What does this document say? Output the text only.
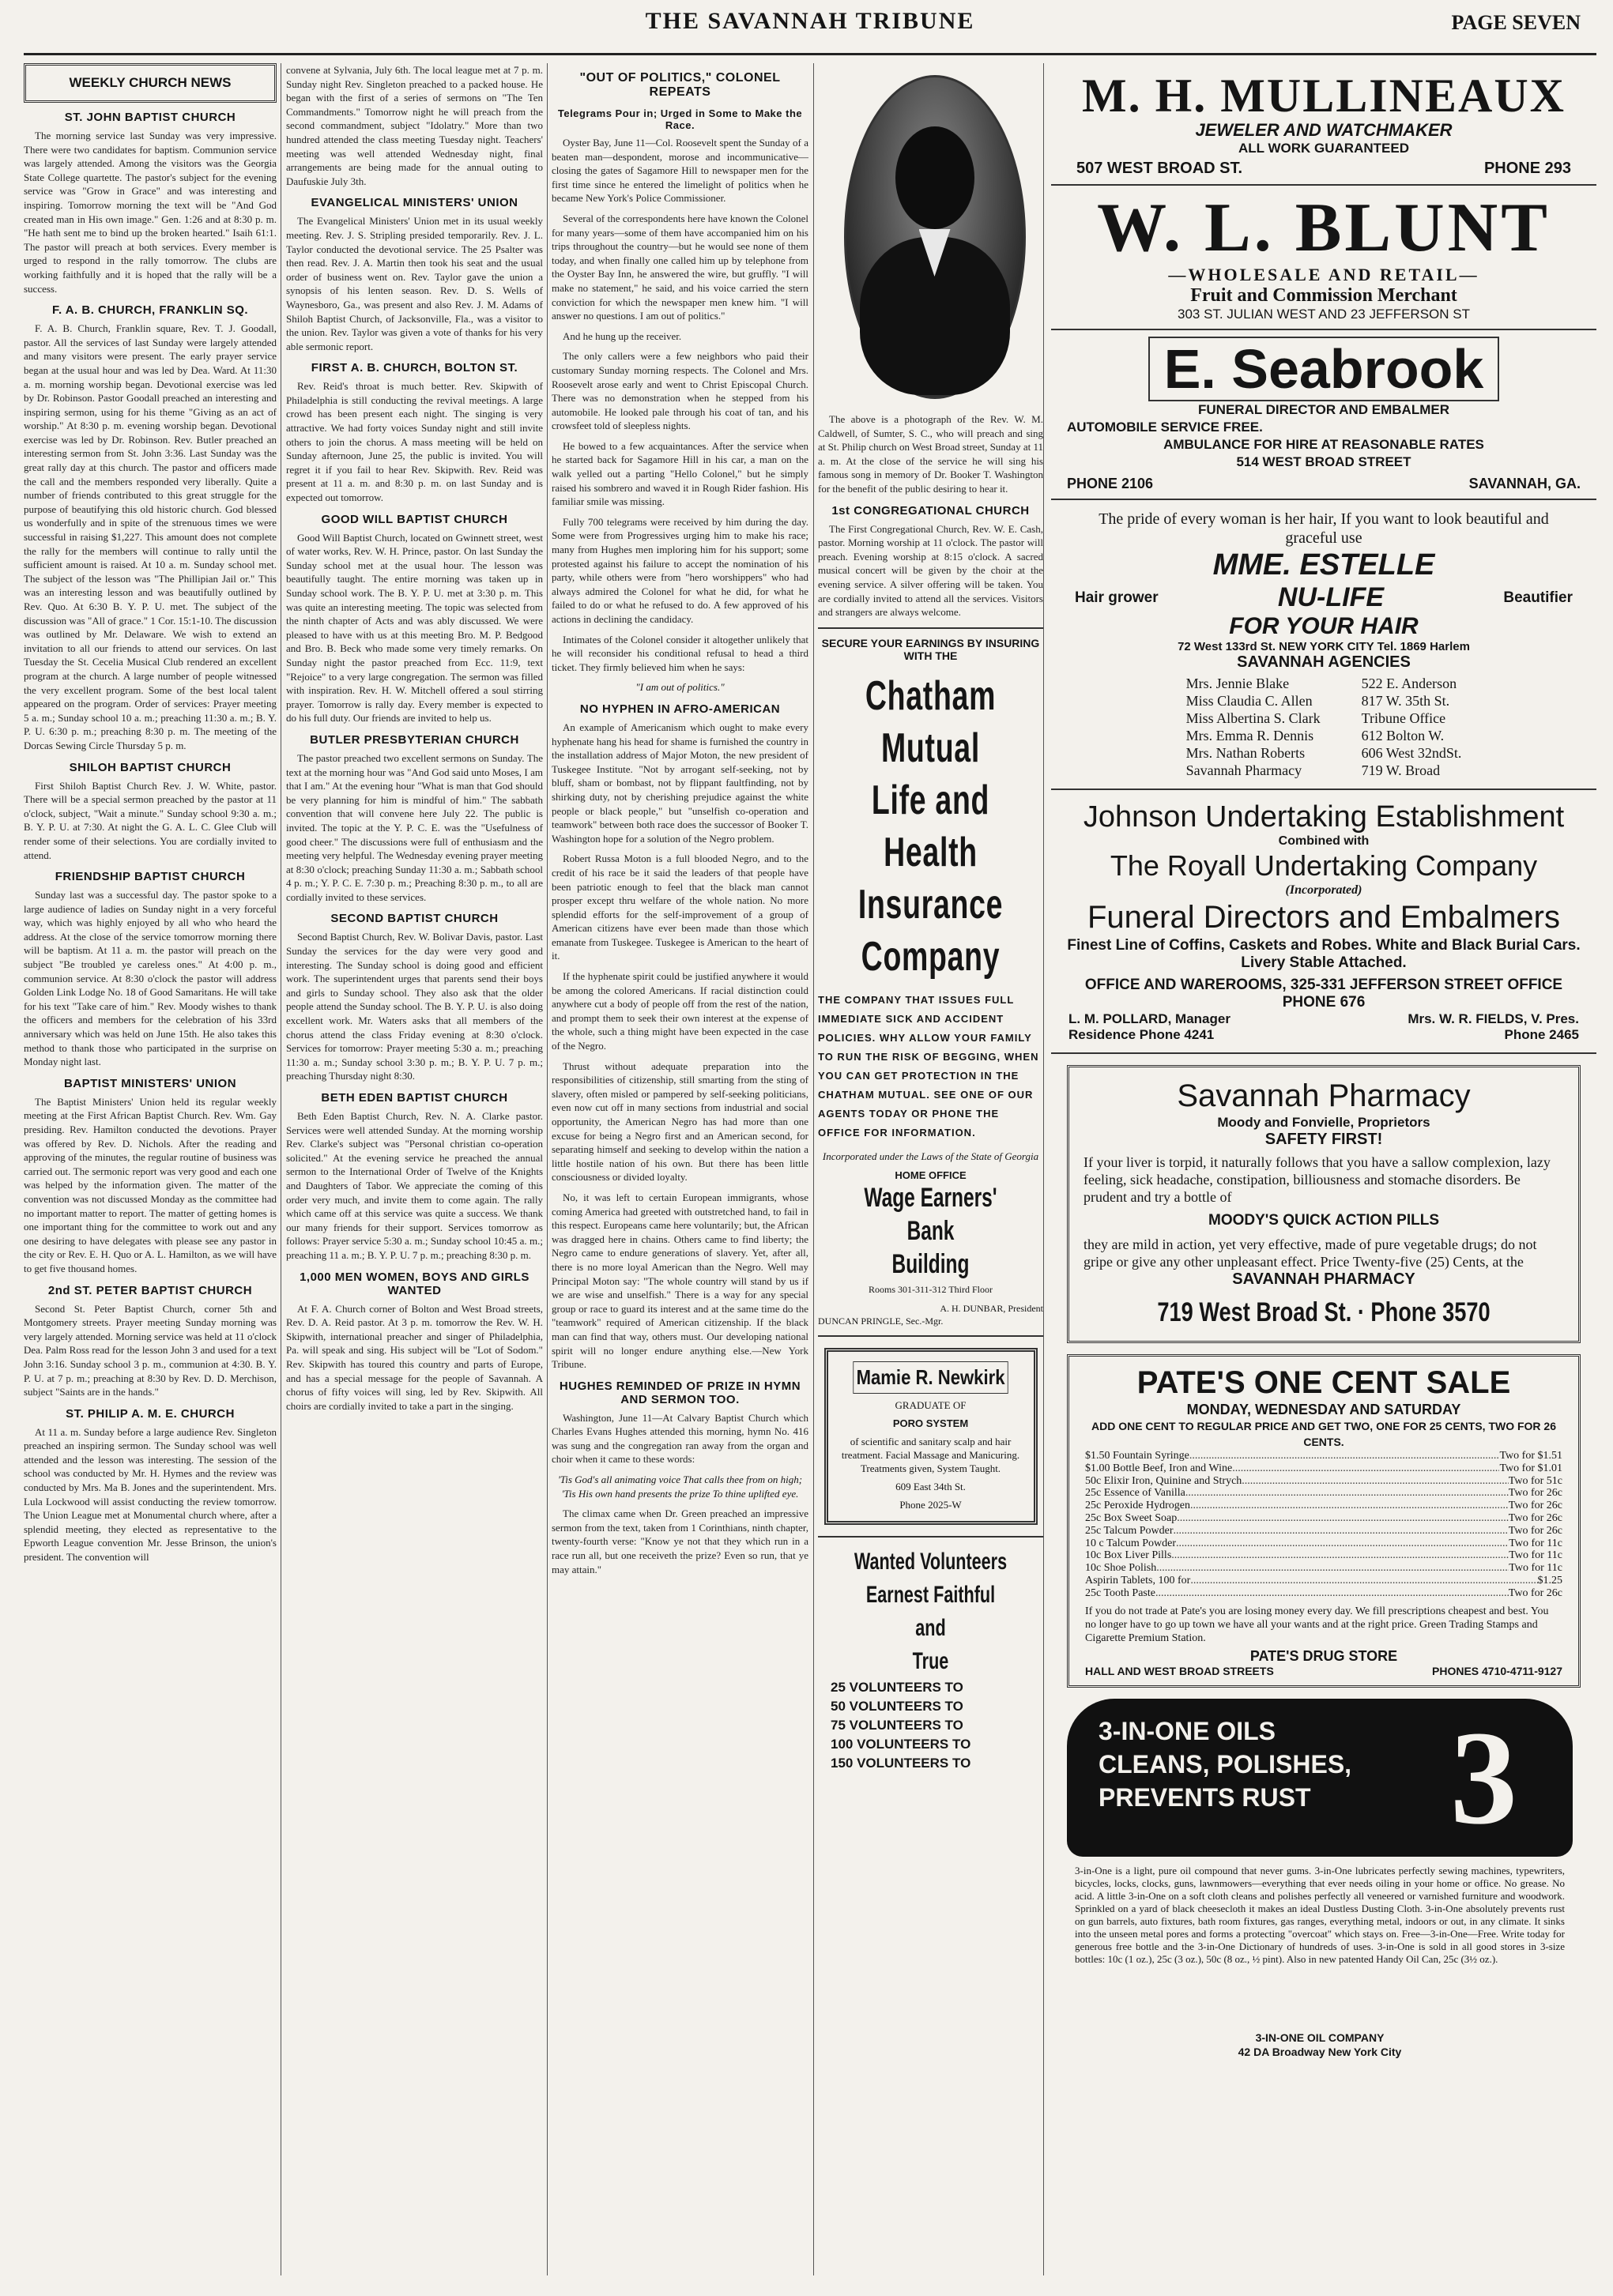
THE SAVANNAH TRIBUNE	PAGE SEVEN
WEEKLY CHURCH NEWS
ST. JOHN BAPTIST CHURCH

The morning service last Sunday was very impressive. There were two candidates for baptism. Communion service was largely attended. Among the visitors was the Georgia State College quartette. The pastor's subject for the evening service was "Grow in Grace" and was interesting and inspiring. Tomorrow morning the text will be "And God created man in His own image." Gen. 1:26 and at 8:30 p. m. "He hath sent me to bind up the broken hearted." Isaih 61:1. The pastor will preach at both services. Every member is urged to respond in the rally tomorrow. The clubs are working faithfully and it is hoped that the rally will be a success.

F. A. B. CHURCH, FRANKLIN SQ.

F. A. B. Church, Franklin square, Rev. T. J. Goodall, pastor. All the services of last Sunday were largely attended and many visitors were present. The early prayer service began at the usual hour and was led by Dea. Ward. At 11:30 a. m. morning worship began. Devotional exercise was led by Dr. Robinson. Pastor Goodall preached an interesting and inspiring sermon, using for his theme "Giving as an act of worship." At 8:30 p. m. evening worship began. Devotional exercise was led by Dr. Robinson. Rev. Butler preached an interesting sermon from St. John 3:36. Last Sunday was the great rally day at this church. The pastor and officers made the call and the members responded very liberally. Quite a number of friends contributed to this great struggle for the purpose of beautifying this old historic church. God blessed us wonderfully and in spite of the strenuous times we were successful in raising $1,227. This amount does not complete the rally for the members will continue to rally until the sufficient amount is raised. At 10 a. m. Sunday school met. The subject of the lesson was "The Phillipian Jail or." This was an interesting lesson and was beautifully outlined by Rev. Quo. At 6:30 B. Y. P. U. met. The subject of the discussion was "All of grace." 1 Cor. 15:1-10. The discussion was outlined by Mr. Delaware. We wish to extend an invitation to all our friends to attend our services. On last Tuesday the St. Cecelia Musical Club rendered an excellent program at the church. A large number of people witnessed the very excellent program. Some of the best local talent appeared on the program. Order of services: Prayer meeting 5 a. m.; Sunday school 10 a. m.; preaching 11:30 a. m.; B. Y. P. U. 6:30 p. m.; preaching 8:30 p. m. The meeting of the Dorcas Sewing Circle Thursday 5 p. m.

SHILOH BAPTIST CHURCH

First Shiloh Baptist Church Rev. J. W. White, pastor. There will be a special sermon preached by the pastor at 11 o'clock, subject, "Wait a minute." Sunday school 9:30 a. m.; B. Y. P. U. at 7:30. At night the G. A. L. C. Glee Club will render some of their selections. You are cordially invited to attend.

FRIENDSHIP BAPTIST CHURCH

Sunday last was a successful day. The pastor spoke to a large audience of ladies on Sunday night in a very forceful way, which was highly enjoyed by all who who heard the address. At the close of the service tomorrow morning there will be baptism. At 11 a. m. the pastor will preach on the subject "Be troubled ye careless ones." At 4:00 p. m., communion service. At 8:30 o'clock the pastor will address Golden Link Lodge No. 18 of Good Samaritans. He will take for his text "Take care of him." Rev. Moody wishes to thank the officers and members for the celebration of his 33rd anniversary which was held on June 15th. He also takes this method to thank those who participated in the surprise on Monday night last.

BAPTIST MINISTERS' UNION

The Baptist Ministers' Union held its regular weekly meeting at the First African Baptist Church. Rev. Wm. Gay presiding. Rev. Hamilton conducted the devotions. Prayer was offered by Rev. D. Nichols. After the reading and approving of the minutes, the regular routine of business was carried out. The sermonic report was very good and each one was helped by the information given. The matter of the convention was not discussed Monday as the committee had no important matter to report. The matter of getting homes is one important thing for the committee to work out and any one desiring to have delegates with please see any pastor in the city or Rev. E. H. Quo or A. L. Hamilton, as we will have to get five thousand homes.

2nd ST. PETER BAPTIST CHURCH

Second St. Peter Baptist Church, corner 5th and Montgomery streets. Prayer meeting Sunday morning was very largely attended. Morning service was held at 11 o'clock Dea. Palm Ross read for the lesson John 3 and used for a text John 3:16. Sunday school 3 p. m., communion at 4:30. B. Y. P. U. at 7 p. m.; preaching at 8:30 by Rev. D. D. Merchison, subject "Saints are in the hands."

ST. PHILIP A. M. E. CHURCH

At 11 a. m. Sunday before a large audience Rev. Singleton preached an inspiring sermon. The Sunday school was well attended and the lesson was interesting. The session of the school was conducted by Mr. H. Hymes and the review was conducted by Mrs. Ma B. Jones and the superintendent. Mrs. Lula Lockwood will assist conducting the review tomorrow. The Union League met at Monumental church where, after a splendid meeting, they elected as representative to the Epworth League convention Mr. Jesse Brinson, the union's president. The convention will

convene at Sylvania, July 6th. The local league met at 7 p. m. Sunday night Rev. Singleton preached to a packed house. He began with the first of a series of sermons on "The Ten Commandments." Tomorrow night he will preach from the second commandment, subject "Idolatry." More than two hundred attended the class meeting Tuesday night. Teachers' meeting was well attended Wednesday night, final arrangements are being made for the annual outing to Daufuskie July 3th.

EVANGELICAL MINISTERS' UNION

The Evangelical Ministers' Union met in its usual weekly meeting. Rev. J. S. Stripling presided temporarily. Rev. J. L. Taylor conducted the devotional service. The 25 Psalter was then read. Rev. J. A. Martin then took his seat and the usual order of business went on. Rev. Taylor gave the union a synopsis of his lenten season. Rev. D. S. Wells of Waynesboro, Ga., was present and also Rev. J. M. Adams of Shiloh Baptist Church, of Jacksonville, Fla., was a visitor to the union. Rev. Taylor was given a vote of thanks for his very able sermonic report.

FIRST A. B. CHURCH, BOLTON ST.

Rev. Reid's throat is much better. Rev. Skipwith of Philadelphia is still conducting the revival meetings. A large crowd has been present each night. The singing is very attractive. We had forty voices Sunday night and still invite others to join the chorus. A mass meeting will be held on Sunday afternoon, June 25, the public is invited. You will regret it if you fail to hear Rev. Skipwith. Rev. Reid was present at 11 a. m. and 8:30 p. m. on last Sunday and is expected out tomorrow.

GOOD WILL BAPTIST CHURCH

Good Will Baptist Church, located on Gwinnett street, west of water works, Rev. W. H. Prince, pastor. On last Sunday the Sunday school met at the usual hour. The lesson was beautifully taught. The entire morning was taken up in Sunday school work. The B. Y. P. U. met at 3:30 p. m. This was quite an interesting meeting. The topic was selected from the ninth chapter of Acts and was ably discussed. We were pleased to have with us at this meeting Bro. M. P. Bedgood and Bro. B. Beck who made some very timely remarks. On Sunday night the pastor preached from Ecc. 11:9, text "Rejoice" to a very large congregation. The sermon was filled with inspiration. Rev. H. W. Mitchell offered a soul stirring prayer. Tomorrow is rally day. Every member is expected to do his full duty. Our friends are invited to help us.

BUTLER PRESBYTERIAN CHURCH

The pastor preached two excellent sermons on Sunday. The text at the morning hour was "And God said unto Moses, I am that I am." At the evening hour "What is man that God should be very planning for him is mindful of him." The sabbath convention that will convene here July 22. The public is invited. The topic at the Y. P. C. E. was the "Usefulness of good cheer." The discussions were full of enthusiasm and the meeting very helpful. The Wednesday evening prayer meeting at 8:30 o'clock; preaching Sunday 11:30 a. m.; Sabbath school 4 p. m.; Y. P. C. E. 7:30 p. m.; Preaching 8:30 p. m., to all are cordially invited to these services.

SECOND BAPTIST CHURCH

Second Baptist Church, Rev. W. Bolivar Davis, pastor. Last Sunday the services for the day were very good and interesting. The Sunday school is doing good and efficient work. The superintendent urges that parents send their boys and girls to Sunday school. They also ask that the older people attend the Sunday school. The B. Y. P. U. is also doing excellent work. Mr. Waters asks that all members of the chorus attend the class Friday evening at 8:30 o'clock. Services for tomorrow: Prayer meeting 5:30 a. m.; preaching 11:30 a. m.; Sunday school 3:30 p. m.; B. Y. P. U. 7 p. m.; preaching Thursday night 8:30.

BETH EDEN BAPTIST CHURCH

Beth Eden Baptist Church, Rev. N. A. Clarke pastor. Services were well attended Sunday. At the morning worship Rev. Clarke's subject was "Personal christian co-operation solicited." At the evening service he preached the annual sermon to the International Order of Twelve of the Knights and Daughters of Tabor. We appreciate the coming of this order very much, and invite them to come again. The rally which came off at this service was quite a success. We thank our many friends for their support. Services tomorrow as follows: Prayer service 5:30 a. m.; Sunday school 10:45 a. m.; preaching 11 a. m.; B. Y. P. U. 7 p. m.; preaching 8:30 p. m.

1,000 MEN WOMEN, BOYS AND GIRLS WANTED

At F. A. Church corner of Bolton and West Broad streets, Rev. D. A. Reid pastor. At 3 p. m. tomorrow the Rev. W. H. Skipwith, international preacher and singer of Philadelphia, Pa. will speak and sing. His subject will be "Lot of Sodom." Rev. Skipwith has toured this country and parts of Europe, and has a special message for the people of Savannah. A chorus of fifty voices will sing, led by Rev. Skipwith. All choirs are cordially invited to take a part in the singing.

"OUT OF POLITICS," COLONEL REPEATS
Telegrams Pour in; Urged in Some to Make the Race.

Oyster Bay, June 11—Col. Roosevelt spent the Sunday of a beaten man—despondent, morose and incommunicative—closing the gates of Sagamore Hill to newspaper men for the first time since he entered the limelight of politics when he became New York's Police Commissioner.

Several of the correspondents here have known the Colonel for many years—some of them have accompanied him on his trips throughout the country—but he would see none of them today, and when finally one called him up by telephone from the Oyster Bay Inn, he answered the wire, but gruffly. "I will make no statement," he said, and his voice carried the stern conviction for which the newspaper men knew him. "I will answer no questions. I am out of politics."

And he hung up the receiver.

The only callers were a few neighbors who paid their customary Sunday morning respects. The Colonel and Mrs. Roosevelt arose early and went to Christ Episcopal Church. There was no demonstration when he stepped from his automobile. He looked pale through his coat of tan, and his crowsfeet told of sleepless nights.

He bowed to a few acquaintances. After the service when he started back for Sagamore Hill in his car, a man on the walk yelled out a parting "Hello Colonel," but he simply raised his sombrero and waved it in Rough Rider fashion. His familiar smile was missing.

Fully 700 telegrams were received by him during the day. Some were from Progressives urging him to make his race; many from Hughes men imploring him for his support; some protested against his failure to accept the nomination of his party, while others were from "hero worshippers" who had always admired the Colonel for what he did, for what he failed to do or what he refused to do. A few approved of his actions in declining the candidacy.

Intimates of the Colonel consider it altogether unlikely that he will reconsider his conditional refusal to head a third ticket. They firmly believed him when he says:

"I am out of politics."

NO HYPHEN IN AFRO-AMERICAN

An example of Americanism which ought to make every hyphenate hang his head for shame is furnished the country in the installation address of Major Moton, the new president of Tuskegee Institute. "Not by arrogant self-seeking, not by bluff, sham or bombast, not by flippant faultfinding, not by shirking duty, not by cherishing prejudice against the white people or black people," but "unselfish co-operation and teamwork" between both race does the successor of Booker T. Washington hope for a solution of the Negro problem.

Robert Russa Moton is a full blooded Negro, and to the credit of his race be it said the leaders of that people have been patriotic enough to feel that the black man cannot prosper except thru welfare of the whole nation. No more splendid efforts for the self-improvement of a group of American citizens have ever been made than those which emanate from Tuskegee. Tuskegee is American to the heart of it.

If the hyphenate spirit could be justified anywhere it would be among the colored Americans. If racial distinction could anywhere cut a body of people off from the rest of the nation, and prompt them to seek their own interest at the expense of the whole, such a thing might have been expected in the case of the Negro.

Thrust without adequate preparation into the responsibilities of citizenship, still smarting from the sting of slavery, often misled or pampered by self-seeking politicians, even now cut off in many sections from industrial and social opportunity, the American Negro has had more than one excuse for being a Negro first and an American second, for separating himself and seeking to develop within the nation a little hostile nation of his own. But there has been little consciousness or divided loyalty.

No, it was left to certain European immigrants, whose coming America had greeted with outstretched hand, to fail in this respect. Europeans came here voluntarily; but, the African was dragged here in chains. Others came to find liberty; the Negro came to endure generations of slavery. Yet, after all, there is no more loyal American than the Negro. Well may Principal Moton say: "The whole country will stand by us if we are wise and unselfish." There is a way for any special group or race to guard its interest and at the same time do the "teamwork" required of American citizenship. If the black man can find that way, others must. Our developing national spirit will no longer endure anything else.—New York Tribune.

HUGHES REMINDED OF PRIZE IN HYMN AND SERMON TOO.

Washington, June 11—At Calvary Baptist Church which Charles Evans Hughes attended this morning, hymn No. 416 was sung and the congregation ran away from the organ and choir when it came to these words:

'Tis God's all animating voice That calls thee from on high; 'Tis His own hand presents the prize To thine uplifted eye.

The climax came when Dr. Green preached an impressive sermon from the text, taken from 1 Corinthians, ninth chapter, twenty-fourth verse: "Know ye not that they which run in a race run all, but one receiveth the prize? Even so run, that ye may attain."

The above is a photograph of the Rev. W. M. Caldwell, of Sumter, S. C., who will preach and sing at St. Philip church on West Broad street, Sunday at 11 a. m. At the close of the service he will sing his famous song in memory of Dr. Booker T. Washington for the benefit of the public desiring to hear it.

1st CONGREGATIONAL CHURCH

The First Congregational Church, Rev. W. E. Cash, pastor. Morning worship at 11 o'clock. The pastor will preach. Evening worship at 8:15 o'clock. A sacred musical concert will be given by the choir at the evening service. A silver offering will be taken. You are cordially invited to attend all the services. Visitors and strangers are always welcome.

SECURE YOUR EARNINGS BY INSURING WITH THE
Chatham
Mutual
Life and
Health
Insurance
Company
THE COMPANY THAT ISSUES FULL IMMEDIATE SICK AND ACCIDENT POLICIES. WHY ALLOW YOUR FAMILY TO RUN THE RISK OF BEGGING, WHEN YOU CAN GET PROTECTION IN THE CHATHAM MUTUAL. SEE ONE OF OUR AGENTS TODAY OR PHONE THE OFFICE FOR INFORMATION.
Incorporated under the Laws of the State of Georgia
HOME OFFICE
Wage Earners' Bank
Building
Rooms 301-311-312 Third Floor
A. H. DUNBAR, President
DUNCAN PRINGLE, Sec.-Mgr.
Mamie R. Newkirk
GRADUATE OF
PORO SYSTEM
of scientific and sanitary scalp and hair treatment. Facial Massage and Manicuring. Treatments given, System Taught.
609 East 34th St.
Phone 2025-W
Wanted Volunteers
Earnest Faithful and
True
25 VOLUNTEERS TO
50 VOLUNTEERS TO
75 VOLUNTEERS TO
100 VOLUNTEERS TO
150 VOLUNTEERS TO
M. H. MULLINEAUX
JEWELER AND WATCHMAKER
ALL WORK GUARANTEED
507 WEST BROAD ST.	PHONE 293
W. L. BLUNT
—WHOLESALE AND RETAIL—
Fruit and Commission Merchant
303 ST. JULIAN WEST AND 23 JEFFERSON ST
E. Seabrook
FUNERAL DIRECTOR AND EMBALMER
AUTOMOBILE SERVICE FREE.
AMBULANCE FOR HIRE AT REASONABLE RATES
514 WEST BROAD STREET
PHONE 2106	SAVANNAH, GA.
The pride of every woman is her hair, If you want to look beautiful and graceful use
MME. ESTELLE
Hair grower	NU-LIFE	Beautifier
FOR YOUR HAIR
72 West 133rd St. NEW YORK CITY Tel. 1869 Harlem
SAVANNAH AGENCIES
Mrs. Jennie Blake	522 E. Anderson
Miss Claudia C. Allen	817 W. 35th St.
Miss Albertina S. Clark	Tribune Office
Mrs. Emma R. Dennis	612 Bolton W.
Mrs. Nathan Roberts	606 West 32ndSt.
Savannah Pharmacy	719 W. Broad
Johnson Undertaking Establishment
Combined with
The Royall Undertaking Company
(Incorporated)
Funeral Directors and Embalmers
Finest Line of Coffins, Caskets and Robes. White and Black Burial Cars. Livery Stable Attached.
OFFICE AND WAREROOMS, 325-331 JEFFERSON STREET OFFICE PHONE 676
L. M. POLLARD, Manager	Mrs. W. R. FIELDS, V. Pres.
Residence Phone 4241	Phone 2465
Savannah Pharmacy
Moody and Fonvielle, Proprietors
SAFETY FIRST!

If your liver is torpid, it naturally follows that you have a sallow complexion, lazy feeling, sick headache, constipation, billiousness and stomache disorders. Be prudent and try a bottle of

MOODY'S QUICK ACTION PILLS

they are mild in action, yet very effective, made of pure vegetable drugs; do not gripe or give any other unpleasant effect. Price Twenty-five (25) Cents, at the

SAVANNAH PHARMACY
719 West Broad St. · Phone 3570
PATE'S ONE CENT SALE
MONDAY, WEDNESDAY AND SATURDAY
ADD ONE CENT TO REGULAR PRICE AND GET TWO, ONE FOR 25 CENTS, TWO FOR 26 CENTS.
$1.50 Fountain Syringe .....	Two for $1.51
$1.00 Bottle Beef, Iron and Wine .....	Two for $1.01
50c Elixir Iron, Quinine and Strych .....	Two for 51c
25c Essence of Vanilla .....	Two for 26c
25c Peroxide Hydrogen .....	Two for 26c
25c Box Sweet Soap .....	Two for 26c
25c Talcum Powder .....	Two for 26c
10 c Talcum Powder .....	Two for 11c
10c Box Liver Pills .....	Two for 11c
10c Shoe Polish .....	Two for 11c
Aspirin Tablets, 100 for .....	$1.25
25c Tooth Paste .....	Two for 26c

If you do not trade at Pate's you are losing money every day. We fill prescriptions cheapest and best. You no longer have to go up town we have all your wants and at the right price. Green Trading Stamps and Cigarette Premium Station.

PATE'S DRUG STORE
HALL AND WEST BROAD STREETS	PHONES 4710-4711-9127
3-IN-ONE OILS
CLEANS, POLISHES,
PREVENTS RUST	3
3-in-One is a light, pure oil compound that never gums. 3-in-One lubricates perfectly sewing machines, typewriters, bicycles, locks, clocks, guns, lawnmowers—everything that ever needs oiling in your home or office. No grease. No acid. A little 3-in-One on a soft cloth cleans and polishes perfectly all veneered or varnished furniture and woodwork. Sprinkled on a yard of black cheesecloth it makes an ideal Dustless Dusting Cloth. 3-in-One absolutely prevents rust on gun barrels, auto fixtures, bath room fixtures, gas ranges, everything metal, indoors or out, in any climate. It sinks into the unseen metal pores and forms a protecting "overcoat" which stays on. Free—3-in-One—Free. Write today for generous free bottle and the 3-in-One Dictionary of hundreds of uses. 3-in-One is sold in all good stores in 3-size bottles: 10c (1 oz.), 25c (3 oz.), 50c (8 oz., ½ pint). Also in new patented Handy Oil Can, 25c (3½ oz.).
3-IN-ONE OIL COMPANY
42 DA Broadway New York City
